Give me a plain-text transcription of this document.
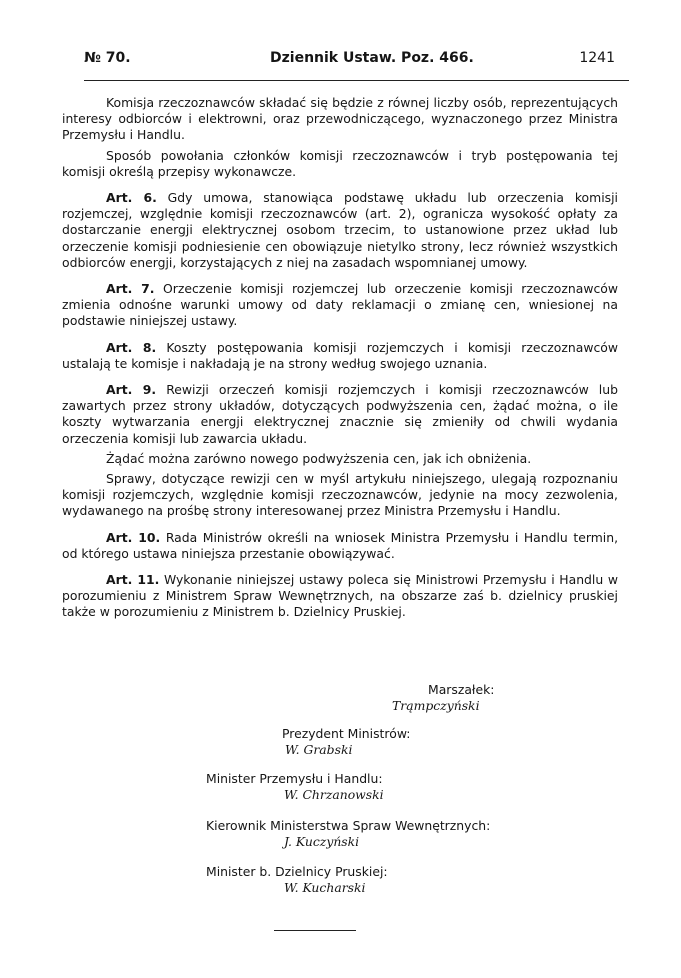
№ 70.	Dziennik Ustaw. Poz. 466.	1241

Komisja rzeczoznawców składać się będzie z równej liczby osób, reprezentujących interesy odbiorców i elektrowni, oraz przewodniczącego, wyznaczonego przez Ministra Przemysłu i Handlu.

Sposób powołania członków komisji rzeczoznawców i tryb postępowania tej komisji określą przepisy wykonawcze.

Art. 6. Gdy umowa, stanowiąca podstawę układu lub orzeczenia komisji rozjemczej, względnie komisji rzeczoznawców (art. 2), ogranicza wysokość opłaty za dostarczanie energji elektrycznej osobom trzecim, to ustanowione przez układ lub orzeczenie komisji podniesienie cen obowiązuje nietylko strony, lecz również wszystkich odbiorców energji, korzystających z niej na zasadach wspomnianej umowy.

Art. 7. Orzeczenie komisji rozjemczej lub orzeczenie komisji rzeczoznawców zmienia odnośne warunki umowy od daty reklamacji o zmianę cen, wniesionej na podstawie niniejszej ustawy.

Art. 8. Koszty postępowania komisji rozjemczych i komisji rzeczoznawców ustalają te komisje i nakładają je na strony według swojego uznania.

Art. 9. Rewizji orzeczeń komisji rozjemczych i komisji rzeczoznawców lub zawartych przez strony układów, dotyczących podwyższenia cen, żądać można, o ile koszty wytwarzania energji elektrycznej znacznie się zmieniły od chwili wydania orzeczenia komisji lub zawarcia układu.

Żądać można zarówno nowego podwyższenia cen, jak ich obniżenia.

Sprawy, dotyczące rewizji cen w myśl artykułu niniejszego, ulegają rozpoznaniu komisji rozjemczych, względnie komisji rzeczoznawców, jedynie na mocy zezwolenia, wydawanego na prośbę strony interesowanej przez Ministra Przemysłu i Handlu.

Art. 10. Rada Ministrów określi na wniosek Ministra Przemysłu i Handlu termin, od którego ustawa niniejsza przestanie obowiązywać.

Art. 11. Wykonanie niniejszej ustawy poleca się Ministrowi Przemysłu i Handlu w porozumieniu z Ministrem Spraw Wewnętrznych, na obszarze zaś b. dzielnicy pruskiej także w porozumieniu z Ministrem b. Dzielnicy Pruskiej.

Marszałek:
Trąmpczyński
Prezydent Ministrów:
W. Grabski
Minister Przemysłu i Handlu:
W. Chrzanowski
Kierownik Ministerstwa Spraw Wewnętrznych:
J. Kuczyński
Minister b. Dzielnicy Pruskiej:
W. Kucharski
